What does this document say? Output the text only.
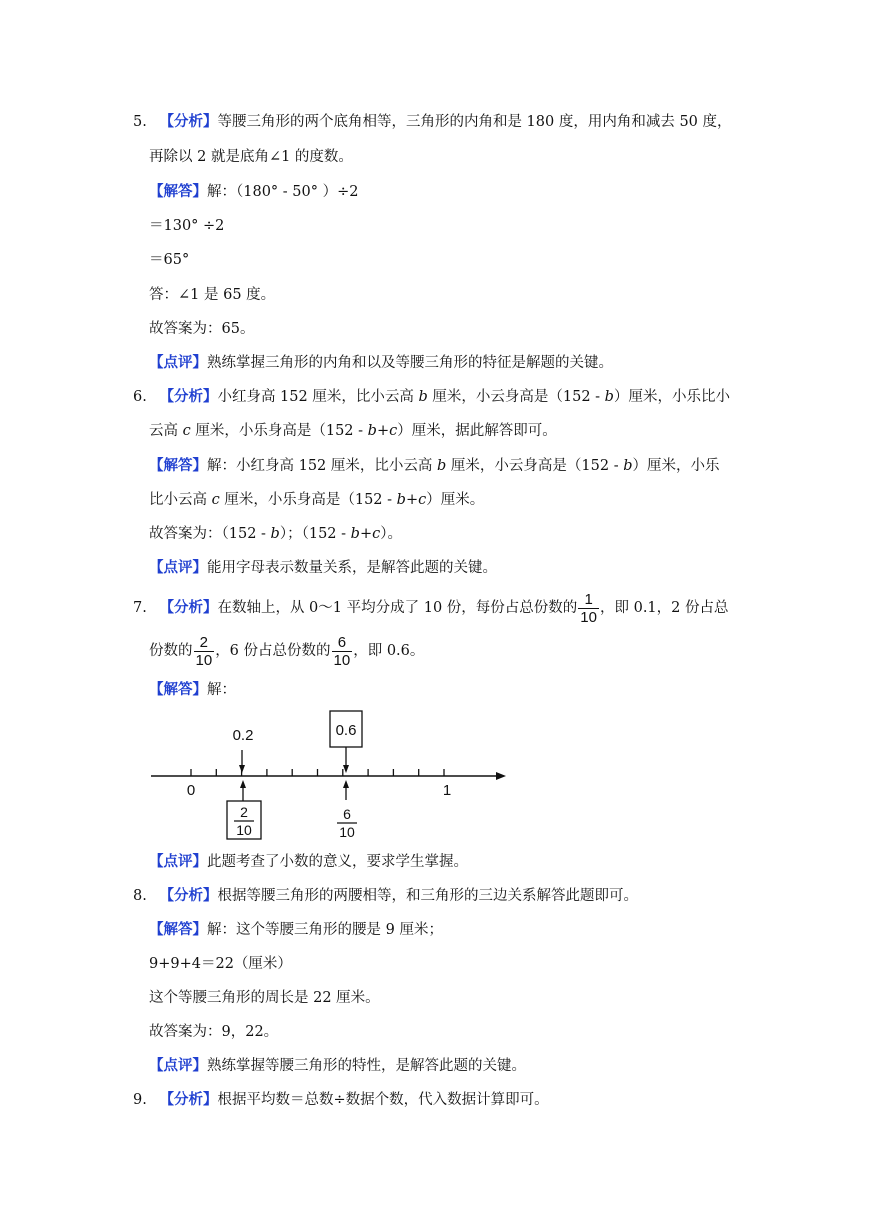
5. 【分析】等腰三角形的两个底角相等，三角形的内角和是 180 度，用内角和减去 50 度，
再除以 2 就是底角∠1 的度数。
【解答】解：（180° - 50° ）÷2
＝130° ÷2
＝65°
答：∠1 是 65 度。
故答案为：65。
【点评】熟练掌握三角形的内角和以及等腰三角形的特征是解题的关键。
6. 【分析】小红身高 152 厘米，比小云高 b 厘米，小云身高是（152 - b）厘米，小乐比小
云高 c 厘米，小乐身高是（152 - b+c）厘米，据此解答即可。
【解答】解：小红身高 152 厘米，比小云高 b 厘米，小云身高是（152 - b）厘米，小乐
比小云高 c 厘米，小乐身高是（152 - b+c）厘米。
故答案为：（152 - b）；（152 - b+c）。
【点评】能用字母表示数量关系，是解答此题的关键。
7. 【分析】在数轴上，从 0～1 平均分成了 10 份，每份占总份数的 $\frac{1}{10}$ ，即 0.1，2 份占总
份数的 $\frac{2}{10}$ ，6 份占总份数的 $\frac{6}{10}$ ，即 0.6。
【解答】解：
0	1
0.2	0.6
2
10
6
10
【点评】此题考查了小数的意义，要求学生掌握。
8. 【分析】根据等腰三角形的两腰相等，和三角形的三边关系解答此题即可。
【解答】解：这个等腰三角形的腰是 9 厘米；
9+9+4＝22（厘米）
这个等腰三角形的周长是 22 厘米。
故答案为：9，22。
【点评】熟练掌握等腰三角形的特性，是解答此题的关键。
9. 【分析】根据平均数＝总数÷数据个数，代入数据计算即可。
